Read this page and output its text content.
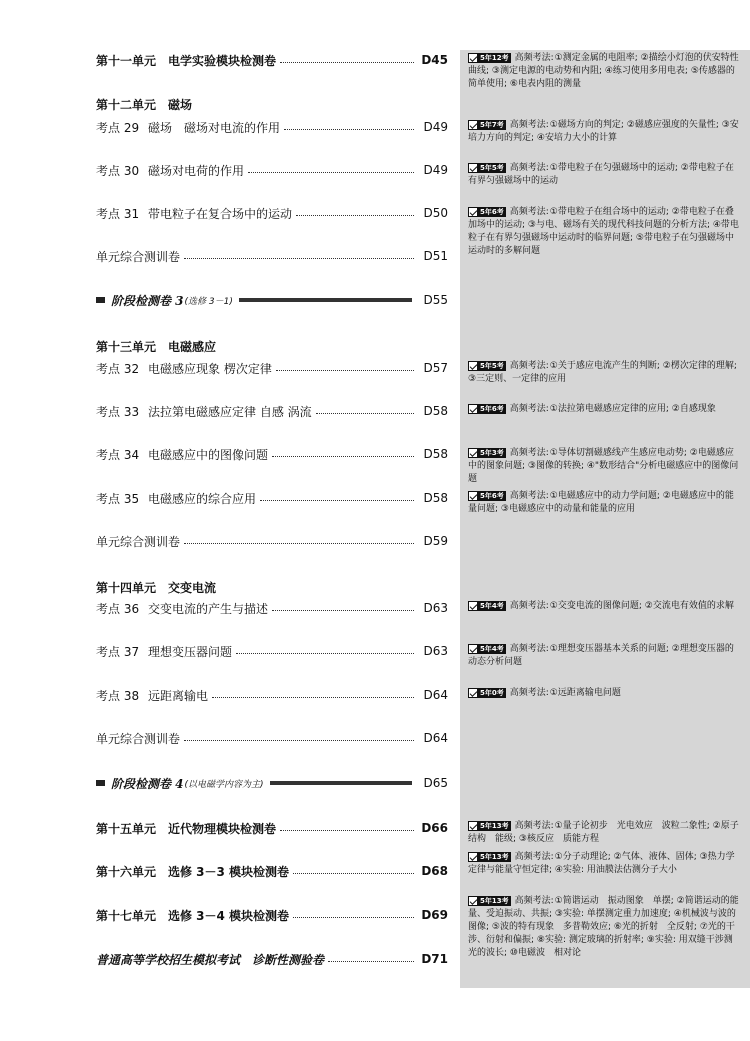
第十一单元　电学实验模块检测卷	D45
第十二单元　磁场
考点 29 磁场　磁场对电流的作用	D49
考点 30 磁场对电荷的作用	D49
考点 31 带电粒子在复合场中的运动	D50
单元综合测训卷	D51
阶段检测卷 3 (选修 3－1)	D55
第十三单元　电磁感应
考点 32 电磁感应现象 楞次定律	D57
考点 33 法拉第电磁感应定律 自感 涡流	D58
考点 34 电磁感应中的图像问题	D58
考点 35 电磁感应的综合应用	D58
单元综合测训卷	D59
第十四单元　交变电流
考点 36 交变电流的产生与描述	D63
考点 37 理想变压器问题	D63
考点 38 远距离输电	D64
单元综合测训卷	D64
阶段检测卷 4 (以电磁学内容为主)	D65
第十五单元　近代物理模块检测卷	D66
第十六单元　选修 3－3 模块检测卷	D68
第十七单元　选修 3－4 模块检测卷	D69
普通高等学校招生模拟考试　诊断性测验卷	D71
5年12考 高频考法:①测定金属的电阻率; ②描绘小灯泡的伏安特性曲线; ③测定电源的电动势和内阻; ④练习使用多用电表; ⑤传感器的简单使用; ⑥电表内阻的测量
5年7考 高频考法:①磁场方向的判定; ②磁感应强度的矢量性; ③安培力方向的判定; ④安培力大小的计算
5年5考 高频考法:①带电粒子在匀强磁场中的运动; ②带电粒子在有界匀强磁场中的运动
5年6考 高频考法:①带电粒子在组合场中的运动; ②带电粒子在叠加场中的运动; ③与电、磁场有关的现代科技问题的分析方法; ④带电粒子在有界匀强磁场中运动时的临界问题; ⑤带电粒子在匀强磁场中运动时的多解问题
5年5考 高频考法:①关于感应电流产生的判断; ②楞次定律的理解; ③三定则、一定律的应用
5年6考 高频考法:①法拉第电磁感应定律的应用; ②自感现象
5年3考 高频考法:①导体切割磁感线产生感应电动势; ②电磁感应中的图象问题; ③图像的转换; ④"数形结合"分析电磁感应中的图像问题
5年6考 高频考法:①电磁感应中的动力学问题; ②电磁感应中的能量问题; ③电磁感应中的动量和能量的应用
5年4考 高频考法:①交变电流的图像问题; ②交流电有效值的求解
5年4考 高频考法:①理想变压器基本关系的问题; ②理想变压器的动态分析问题
5年0考 高频考法:①远距离输电问题
5年13考 高频考法:①量子论初步　光电效应　波粒二象性; ②原子结构　能级; ③核反应　质能方程
5年13考 高频考法:①分子动理论; ②气体、液体、固体; ③热力学定律与能量守恒定律; ④实验: 用油膜法估测分子大小
5年13考 高频考法:①简谐运动　振动图象　单摆; ②简谐运动的能量、受迫振动、共振; ③实验: 单摆测定重力加速度; ④机械波与波的图像; ⑤波的特有现象　多普勒效应; ⑥光的折射　全反射; ⑦光的干涉、衍射和偏振; ⑧实验: 测定玻璃的折射率; ⑨实验: 用双缝干涉测光的波长; ⑩电磁波　相对论
